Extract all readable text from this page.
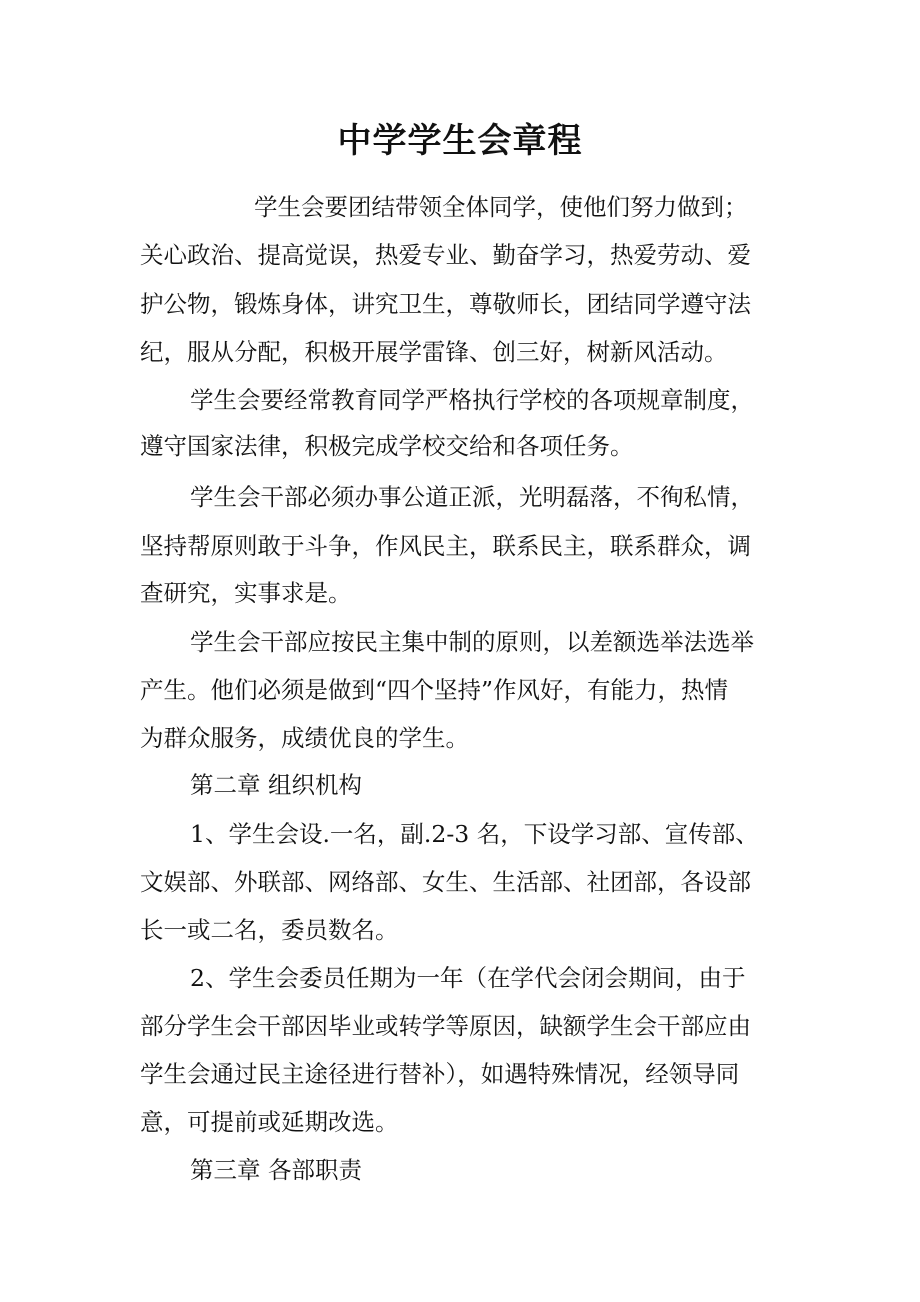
中学学生会章程

学生会要团结带领全体同学，使他们努力做到；

关心政治、提高觉误，热爱专业、勤奋学习，热爱劳动、爱

护公物，锻炼身体，讲究卫生，尊敬师长，团结同学遵守法

纪，服从分配，积极开展学雷锋、创三好，树新风活动。

学生会要经常教育同学严格执行学校的各项规章制度，

遵守国家法律，积极完成学校交给和各项任务。

学生会干部必须办事公道正派，光明磊落，不徇私情，

坚持帮原则敢于斗争，作风民主，联系民主，联系群众，调

查研究，实事求是。

学生会干部应按民主集中制的原则，以差额选举法选举

产生。他们必须是做到“四个坚持”作风好，有能力，热情

为群众服务，成绩优良的学生。

第二章 组织机构

1、学生会设.一名，副.2-3 名，下设学习部、宣传部、

文娱部、外联部、网络部、女生、生活部、社团部，各设部

长一或二名，委员数名。

2、学生会委员任期为一年（在学代会闭会期间，由于

部分学生会干部因毕业或转学等原因，缺额学生会干部应由

学生会通过民主途径进行替补），如遇特殊情况，经领导同

意，可提前或延期改选。

第三章 各部职责
